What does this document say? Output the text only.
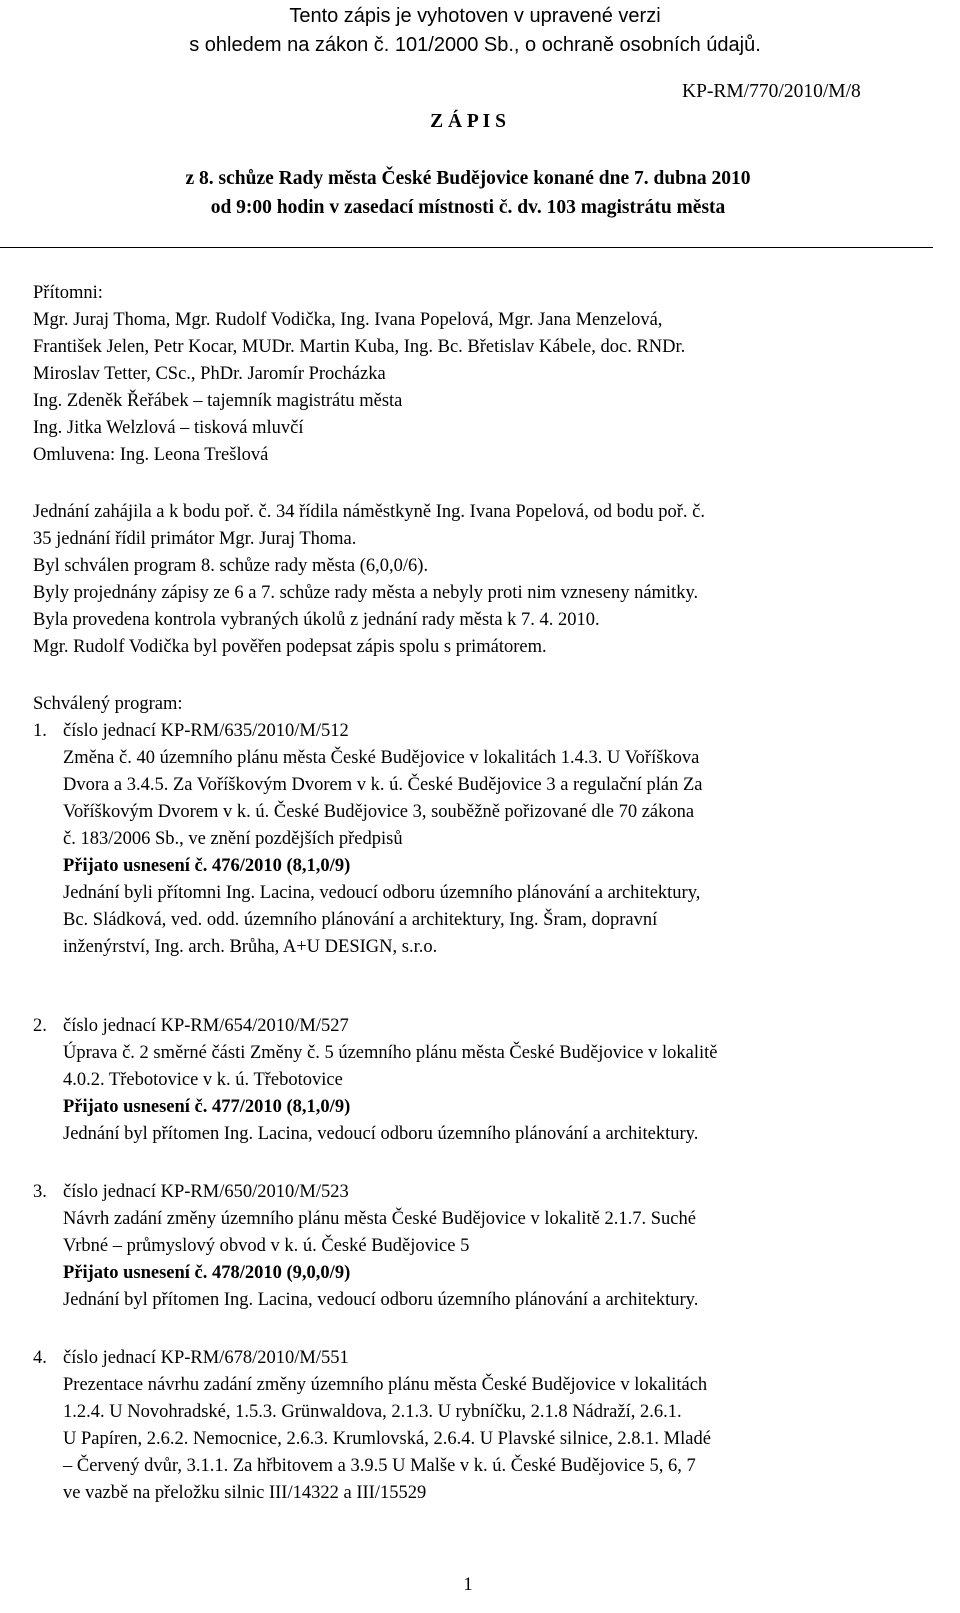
Tento zápis je vyhotoven v upravené verzi
s ohledem na zákon č. 101/2000 Sb., o ochraně osobních údajů.
KP-RM/770/2010/M/8
Z Á P I S
z 8. schůze Rady města České Budějovice konané dne 7. dubna 2010
od 9:00 hodin v zasedací místnosti č. dv. 103 magistrátu města
Přítomni:
Mgr. Juraj Thoma, Mgr. Rudolf Vodička, Ing. Ivana Popelová, Mgr. Jana Menzelová,
František Jelen, Petr Kocar, MUDr. Martin Kuba, Ing. Bc. Břetislav Kábele, doc. RNDr.
Miroslav Tetter, CSc., PhDr. Jaromír Procházka
Ing. Zdeněk Řeřábek – tajemník magistrátu města
Ing. Jitka Welzlová – tisková mluvčí
Omluvena: Ing. Leona Trešlová
Jednání zahájila a k bodu poř. č. 34 řídila náměstkyně Ing. Ivana Popelová, od bodu poř. č.
35 jednání řídil primátor Mgr. Juraj Thoma.
Byl schválen program 8. schůze rady města (6,0,0/6).
Byly projednány zápisy ze 6 a 7. schůze rady města a nebyly proti nim vzneseny námitky.
Byla provedena kontrola vybraných úkolů z jednání rady města k 7. 4. 2010.
Mgr. Rudolf Vodička byl pověřen podepsat zápis spolu s primátorem.
Schválený program:
1. číslo jednací KP-RM/635/2010/M/512
Změna č. 40 územního plánu města České Budějovice v lokalitách 1.4.3. U Voříškova
Dvora a 3.4.5. Za Voříškovým Dvorem v k. ú. České Budějovice 3 a regulační plán Za
Voříškovým Dvorem v k. ú. České Budějovice 3, souběžně pořizované dle 70 zákona
č. 183/2006 Sb., ve znění pozdějších předpisů
Přijato usnesení č. 476/2010 (8,1,0/9)
Jednání byli přítomni Ing. Lacina, vedoucí odboru územního plánování a architektury,
Bc. Sládková, ved. odd. územního plánování a architektury, Ing. Šram, dopravní
inženýrství, Ing. arch. Brůha, A+U DESIGN, s.r.o.
2. číslo jednací KP-RM/654/2010/M/527
Úprava č. 2 směrné části Změny č. 5 územního plánu města České Budějovice v lokalitě
4.0.2. Třebotovice v k. ú. Třebotovice
Přijato usnesení č. 477/2010 (8,1,0/9)
Jednání byl přítomen Ing. Lacina, vedoucí odboru územního plánování a architektury.
3. číslo jednací KP-RM/650/2010/M/523
Návrh zadání změny územního plánu města České Budějovice v lokalitě 2.1.7. Suché
Vrbné – průmyslový obvod v k. ú. České Budějovice 5
Přijato usnesení č. 478/2010 (9,0,0/9)
Jednání byl přítomen Ing. Lacina, vedoucí odboru územního plánování a architektury.
4. číslo jednací KP-RM/678/2010/M/551
Prezentace návrhu zadání změny územního plánu města České Budějovice v lokalitách
1.2.4. U Novohradské, 1.5.3. Grünwaldova, 2.1.3. U rybníčku, 2.1.8 Nádraží, 2.6.1.
U Papíren, 2.6.2. Nemocnice, 2.6.3. Krumlovská, 2.6.4. U Plavské silnice, 2.8.1. Mladé
– Červený dvůr, 3.1.1. Za hřbitovem a 3.9.5 U Malše v k. ú. České Budějovice 5, 6, 7
ve vazbě na přeložku silnic III/14322 a III/15529
1
